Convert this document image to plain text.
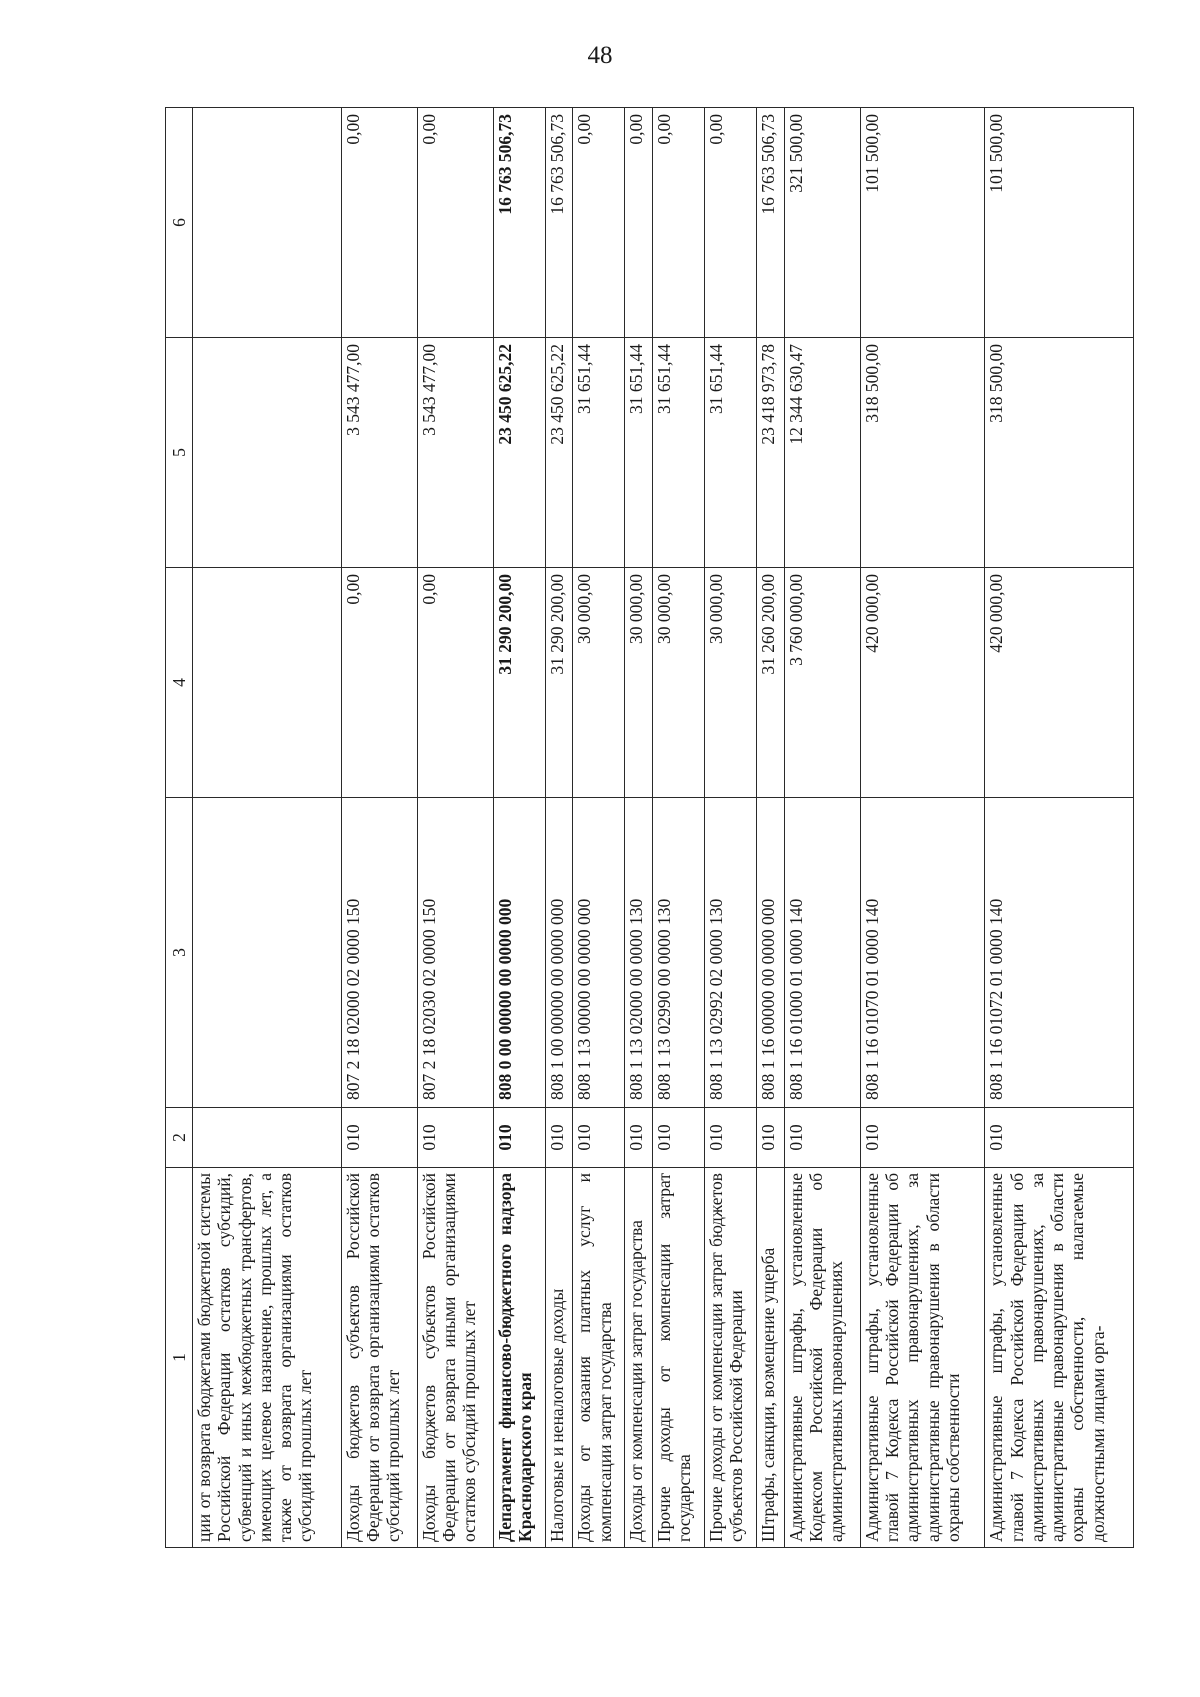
48
1	2	3	4	5	6
ции от возврата бюджетами бюджетной системы Российской Федерации остатков субсидий, субвенций и иных межбюджетных трансфертов, имеющих целевое назначение, прошлых лет, а также от возврата организациями остатков субсидий прошлых лет					
Доходы бюджетов субъектов Российской Федерации от возврата организациями остатков субсидий прошлых лет	010	807 2 18 02000 02 0000 150	0,00	3 543 477,00	0,00
Доходы бюджетов субъектов Российской Федерации от возврата иными организациями остатков субсидий прошлых лет	010	807 2 18 02030 02 0000 150	0,00	3 543 477,00	0,00
Департамент финансово-бюджетного надзора Краснодарского края	010	808 0 00 00000 00 0000 000	31 290 200,00	23 450 625,22	16 763 506,73
Налоговые и неналоговые доходы	010	808 1 00 00000 00 0000 000	31 290 200,00	23 450 625,22	16 763 506,73
Доходы от оказания платных услуг и компенсации затрат государства	010	808 1 13 00000 00 0000 000	30 000,00	31 651,44	0,00
Доходы от компенсации затрат государства	010	808 1 13 02000 00 0000 130	30 000,00	31 651,44	0,00
Прочие доходы от компенсации затрат государства	010	808 1 13 02990 00 0000 130	30 000,00	31 651,44	0,00
Прочие доходы от компенсации затрат бюджетов субъектов Российской Федерации	010	808 1 13 02992 02 0000 130	30 000,00	31 651,44	0,00
Штрафы, санкции, возмещение ущерба	010	808 1 16 00000 00 0000 000	31 260 200,00	23 418 973,78	16 763 506,73
Административные штрафы, установленные Кодексом Российской Федерации об административных правонарушениях	010	808 1 16 01000 01 0000 140	3 760 000,00	12 344 630,47	321 500,00
Административные штрафы, установленные главой 7 Кодекса Российской Федерации об административных правонарушениях, за административные правонарушения в области охраны собственности	010	808 1 16 01070 01 0000 140	420 000,00	318 500,00	101 500,00
Административные штрафы, установленные главой 7 Кодекса Российской Федерации об административных правонарушениях, за административные правонарушения в области охраны собственности, налагаемые должностными лицами орга-	010	808 1 16 01072 01 0000 140	420 000,00	318 500,00	101 500,00
